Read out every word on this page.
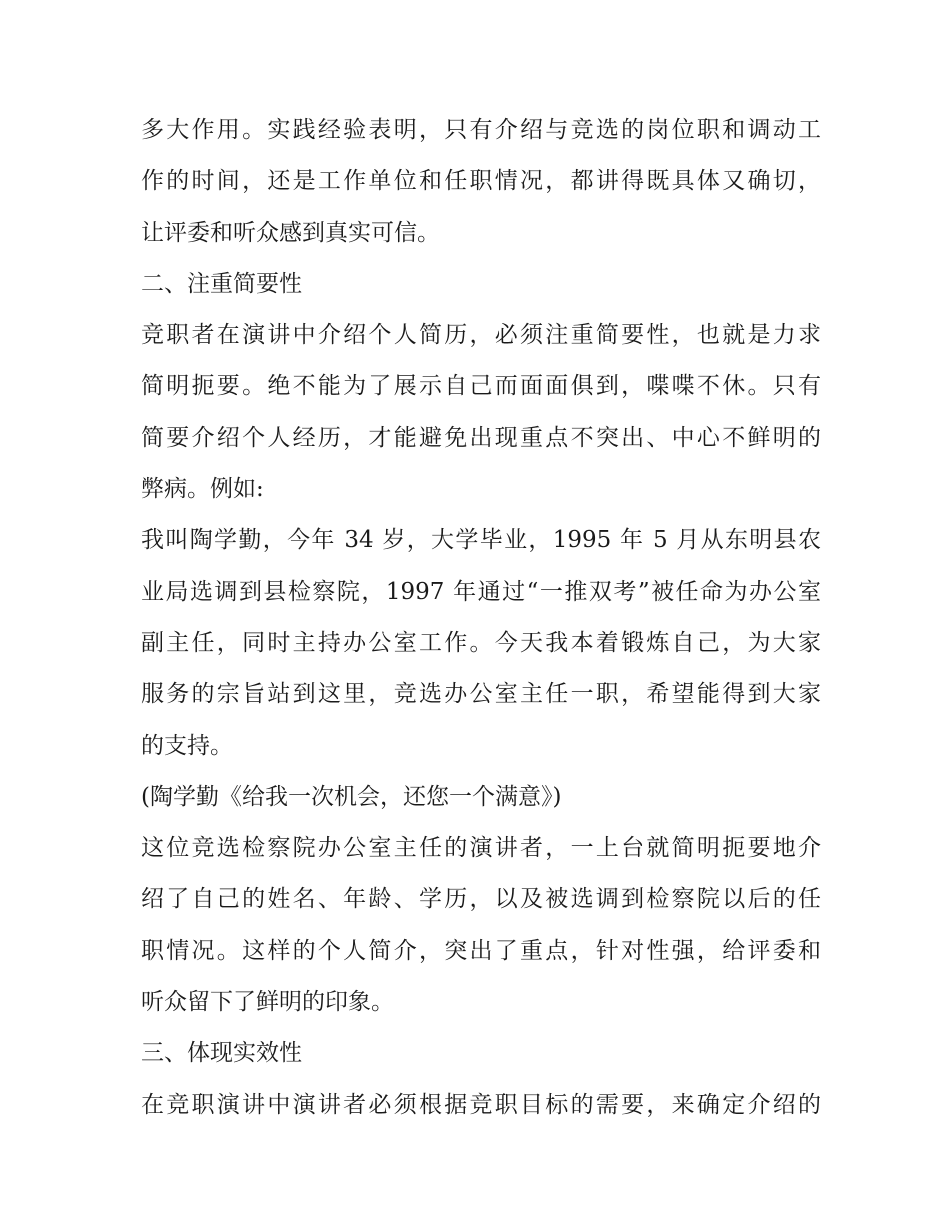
多大作用。实践经验表明，只有介绍与竞选的岗位职和调动工
作的时间，还是工作单位和任职情况，都讲得既具体又确切，
让评委和听众感到真实可信。
二、注重简要性
竞职者在演讲中介绍个人简历，必须注重简要性，也就是力求
简明扼要。绝不能为了展示自己而面面俱到，喋喋不休。只有
简要介绍个人经历，才能避免出现重点不突出、中心不鲜明的
弊病。例如:
我叫陶学勤，今年 34 岁，大学毕业，1995 年 5 月从东明县农
业局选调到县检察院，1997 年通过“一推双考”被任命为办公室
副主任，同时主持办公室工作。今天我本着锻炼自己，为大家
服务的宗旨站到这里，竞选办公室主任一职，希望能得到大家
的支持。
(陶学勤《给我一次机会，还您一个满意》)
这位竞选检察院办公室主任的演讲者，一上台就简明扼要地介
绍了自己的姓名、年龄、学历，以及被选调到检察院以后的任
职情况。这样的个人简介，突出了重点，针对性强，给评委和
听众留下了鲜明的印象。
三、体现实效性
在竞职演讲中演讲者必须根据竞职目标的需要，来确定介绍的
